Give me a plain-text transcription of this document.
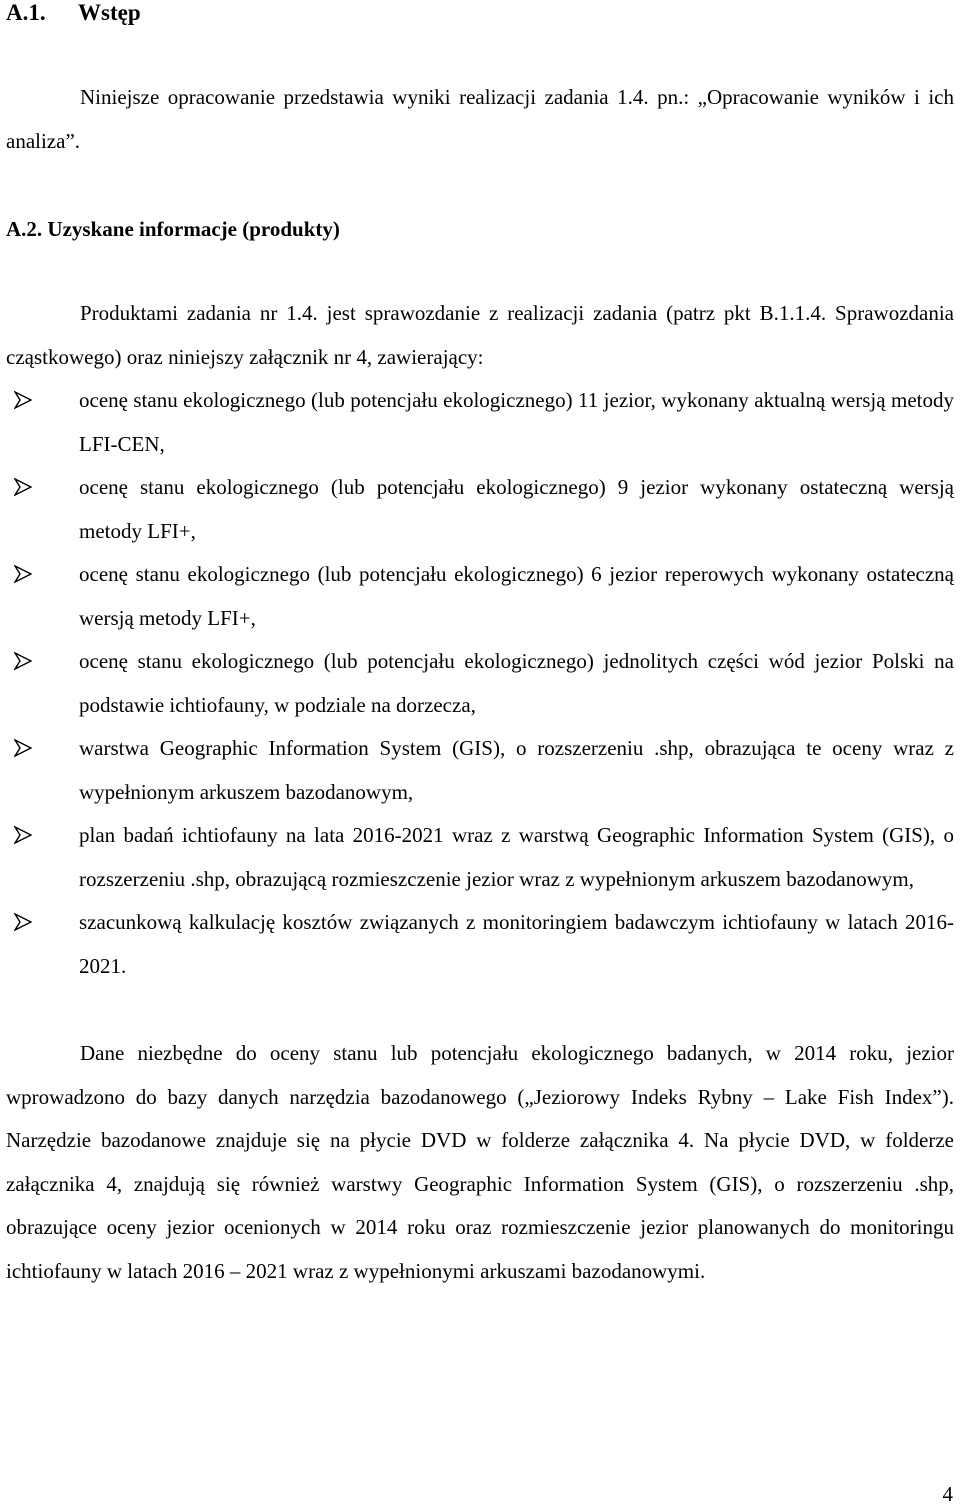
A.1. Wstęp

Niniejsze opracowanie przedstawia wyniki realizacji zadania 1.4. pn.: „Opracowanie wyników i ich analiza”.

A.2. Uzyskane informacje (produkty)

Produktami zadania nr 1.4. jest sprawozdanie z realizacji zadania (patrz pkt B.1.1.4. Sprawozdania cząstkowego) oraz niniejszy załącznik nr 4, zawierający:

ocenę stanu ekologicznego (lub potencjału ekologicznego) 11 jezior, wykonany aktualną wersją metody LFI-CEN,
ocenę stanu ekologicznego (lub potencjału ekologicznego) 9 jezior wykonany ostateczną wersją metody LFI+,
ocenę stanu ekologicznego (lub potencjału ekologicznego) 6 jezior reperowych wykonany ostateczną wersją metody LFI+,
ocenę stanu ekologicznego (lub potencjału ekologicznego) jednolitych części wód jezior Polski na podstawie ichtiofauny, w podziale na dorzecza,
warstwa Geographic Information System (GIS), o rozszerzeniu .shp, obrazująca te oceny wraz z wypełnionym arkuszem bazodanowym,
plan badań ichtiofauny na lata 2016-2021 wraz z warstwą Geographic Information System (GIS), o rozszerzeniu .shp, obrazującą rozmieszczenie jezior wraz z wypełnionym arkuszem bazodanowym,
szacunkową kalkulację kosztów związanych z monitoringiem badawczym ichtiofauny w latach 2016-2021.

Dane niezbędne do oceny stanu lub potencjału ekologicznego badanych, w 2014 roku, jezior wprowadzono do bazy danych narzędzia bazodanowego („Jeziorowy Indeks Rybny – Lake Fish Index”). Narzędzie bazodanowe znajduje się na płycie DVD w folderze załącznika 4. Na płycie DVD, w folderze załącznika 4, znajdują się również warstwy Geographic Information System (GIS), o rozszerzeniu .shp, obrazujące oceny jezior ocenionych w 2014 roku oraz rozmieszczenie jezior planowanych do monitoringu ichtiofauny w latach 2016 – 2021 wraz z wypełnionymi arkuszami bazodanowymi.

4
